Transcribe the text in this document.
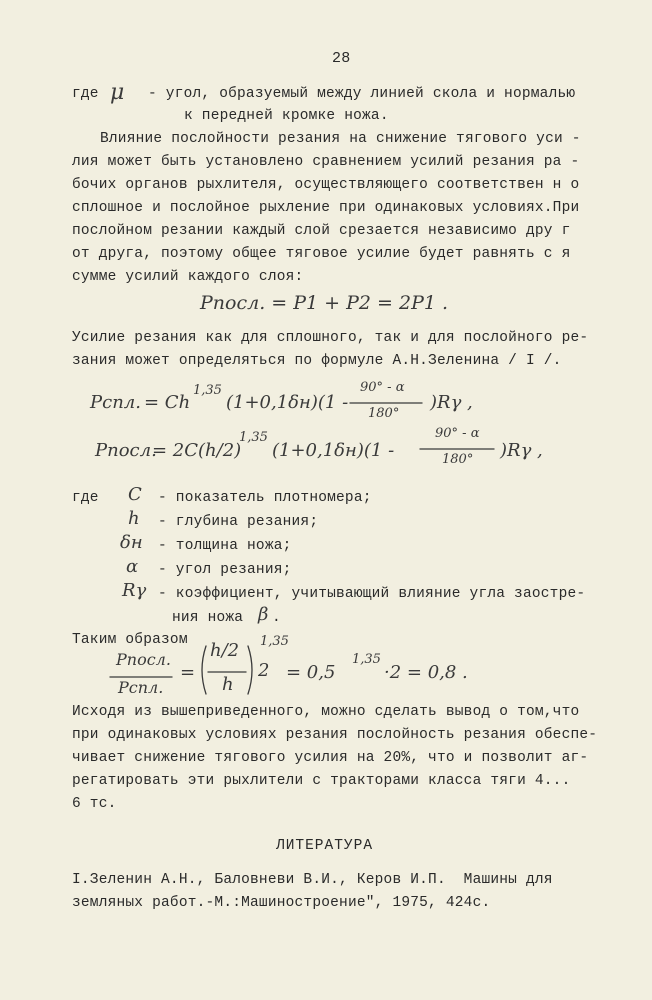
28
где μ - угол, образуемый между линией скола и нормалью
к передней кромке ножа.
Влияние послойности резания на снижение тягового уси -
лия может быть установлено сравнением усилий резания ра -
бочих органов рыхлителя, осуществляющего соответствен н о
сплошное и послойное рыхление при одинаковых условиях.При
послойном резании каждый слой срезается независимо дру г
от друга, поэтому общее тяговое усилие будет равнять с я
сумме усилий каждого слоя:
Pпосл. = P1 + P2 = 2P1 .
Усилие резания как для сплошного, так и для послойного ре-
зания может определяться по формуле А.Н.Зеленина / I /.
Pспл. = Ch
1,35
(1+0,1δн)(1 -
90° - α
180°
)Rγ ,
Pпосл.
= 2C(h/2)
1,35
(1+0,1δн)(1 -
90° - α
180° )Rγ ,
где C - показатель плотномера;
h - глубина резания;
δн - толщина ножа;
α - угол резания;
Rγ - коэффициент, учитывающий влияние угла заостре-
ния ножа β .
Таким образом
Pпосл.
Pспл.
=
h/2
h
1,35
2 = 0,5
1,35
·2 = 0,8 .
Исходя из вышеприведенного, можно сделать вывод о том,что
при одинаковых условиях резания послойность резания обеспе-
чивает снижение тягового усилия на 20%, что и позволит аг-
регатировать эти рыхлители с тракторами класса тяги 4...
6 тс.
ЛИТЕРАТУРА
I.Зеленин А.Н., Баловневи В.И., Керов И.П.  Машины для
земляных работ.-М.:Машиностроение", 1975, 424с.
